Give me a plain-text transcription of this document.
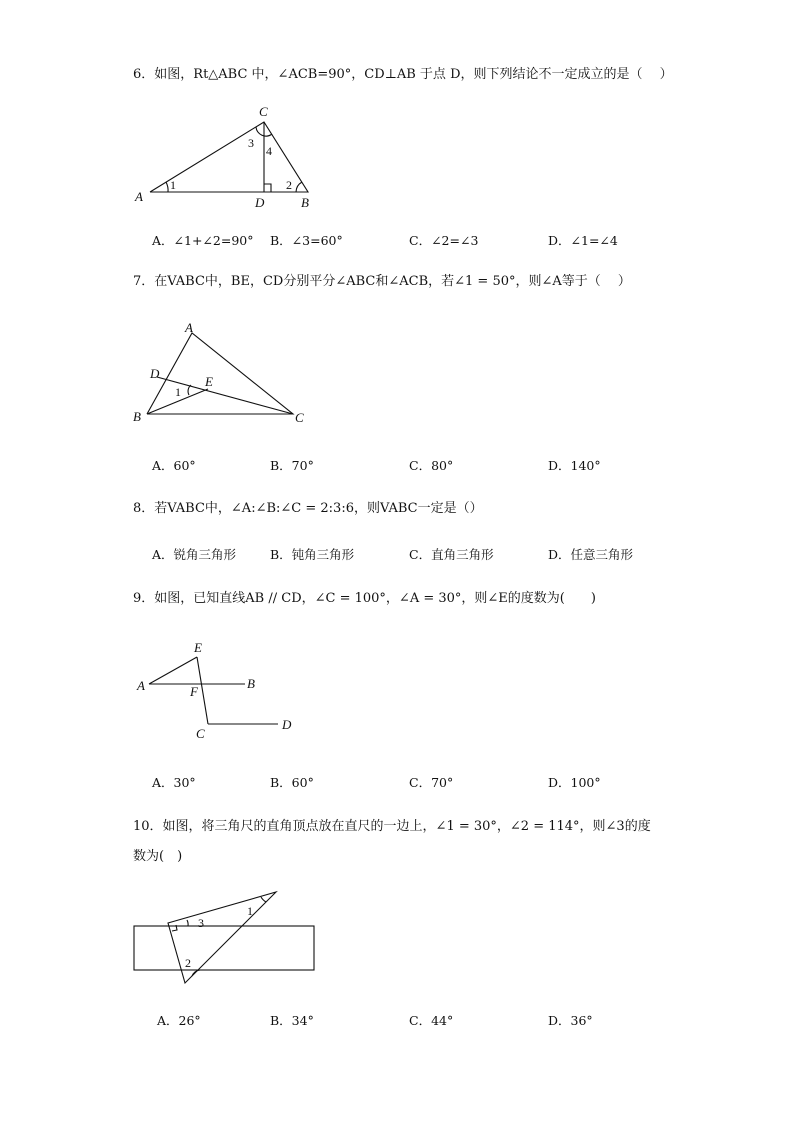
6．如图，Rt△ABC 中，∠ACB=90°，CD⊥AB 于点 D，则下列结论不一定成立的是（　 ）
A	B
C
D
1	2
3
4
A．∠1+∠2=90° B．∠3=60°	C．∠2=∠3	D．∠1=∠4
7．在VABC中，BE，CD分别平分∠ABC和∠ACB，若∠1 = 50°，则∠A等于（　 ）
A
B	C
D
E
1
A．60°	B．70°	C．80°	D．140°
8．若VABC中，∠A:∠B:∠C = 2:3:6，则VABC一定是（）
A．锐角三角形	B．钝角三角形	C．直角三角形	D．任意三角形
9．如图，已知直线AB // CD，∠C = 100°，∠A = 30°，则∠E的度数为(　　)
A	B
C
D
E
F
A．30°	B．60°	C．70°	D．100°
10．如图，将三角尺的直角顶点放在直尺的一边上，∠1 = 30°，∠2 = 114°，则∠3的度
数为(　)
3
1
2
A．26°	B．34°	C．44°	D．36°
